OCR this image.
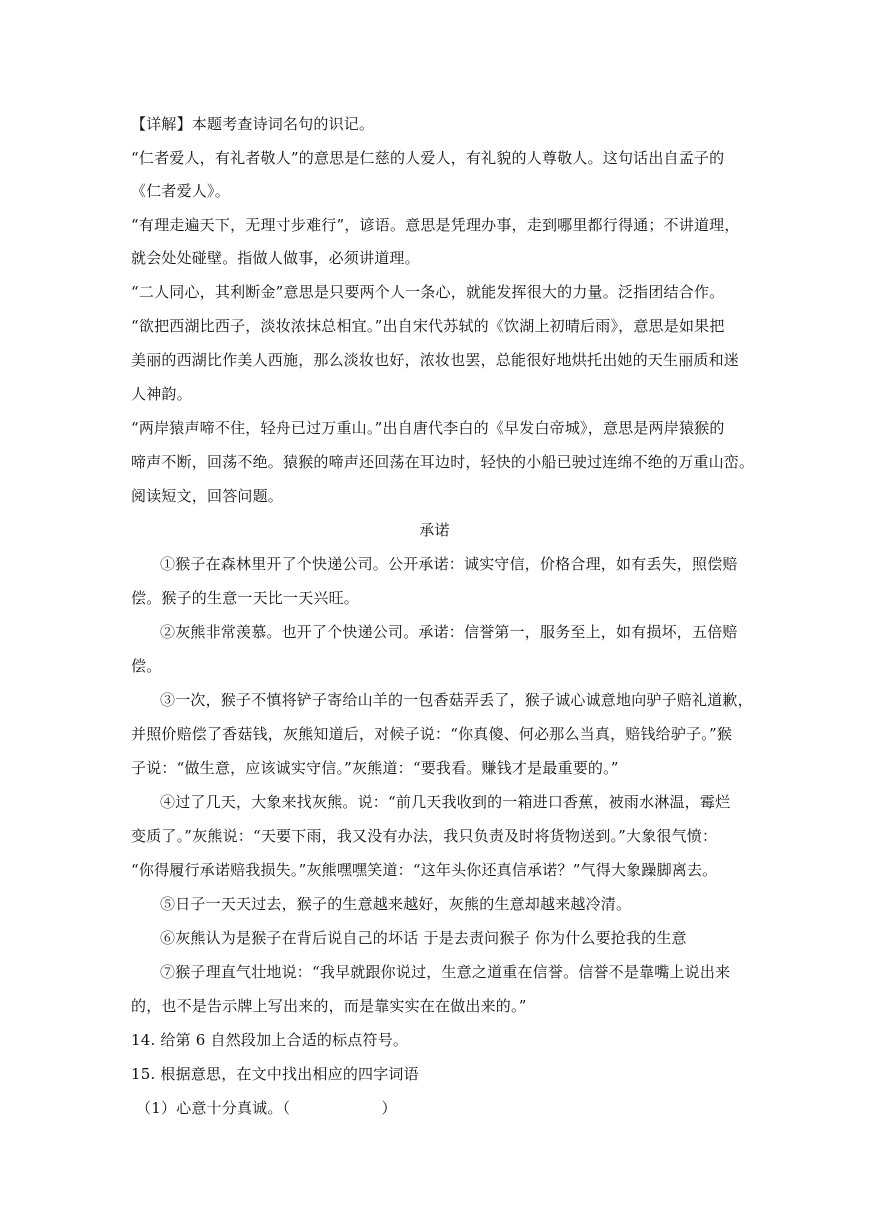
【详解】本题考查诗词名句的识记。
“仁者爱人，有礼者敬人”的意思是仁慈的人爱人，有礼貌的人尊敬人。这句话出自孟子的
《仁者爱人》。
“有理走遍天下，无理寸步难行”，谚语。意思是凭理办事，走到哪里都行得通；不讲道理，
就会处处碰壁。指做人做事，必须讲道理。
“二人同心，其利断金”意思是只要两个人一条心，就能发挥很大的力量。泛指团结合作。
“欲把西湖比西子，淡妆浓抹总相宜。”出自宋代苏轼的《饮湖上初晴后雨》，意思是如果把
美丽的西湖比作美人西施，那么淡妆也好，浓妆也罢，总能很好地烘托出她的天生丽质和迷
人神韵。
“两岸猿声啼不住，轻舟已过万重山。”出自唐代李白的《早发白帝城》，意思是两岸猿猴的
啼声不断，回荡不绝。猿猴的啼声还回荡在耳边时，轻快的小船已驶过连绵不绝的万重山峦。
阅读短文，回答问题。
承诺
①猴子在森林里开了个快递公司。公开承诺：诚实守信，价格合理，如有丢失，照偿赔
偿。猴子的生意一天比一天兴旺。
②灰熊非常羡慕。也开了个快递公司。承诺：信誉第一，服务至上，如有损坏，五倍赔
偿。
③一次，猴子不慎将铲子寄给山羊的一包香菇弄丢了，猴子诚心诚意地向驴子赔礼道歉，
并照价赔偿了香菇钱，灰熊知道后，对候子说：“你真傻、何必那么当真，赔钱给驴子。”猴
子说：“做生意，应该诚实守信。”灰熊道：“要我看。赚钱才是最重要的。”
④过了几天，大象来找灰熊。说：“前几天我收到的一箱进口香蕉，被雨水淋温，霉烂
变质了。”灰熊说：“天要下雨，我又没有办法，我只负责及时将货物送到。”大象很气愤：
“你得履行承诺赔我损失。”灰熊嘿嘿笑道：“这年头你还真信承诺？”气得大象躁脚离去。
⑤日子一天天过去，猴子的生意越来越好，灰熊的生意却越来越冷清。
⑥灰熊认为是猴子在背后说自己的坏话 于是去责问猴子 你为什么要抢我的生意
⑦猴子理直气壮地说：“我早就跟你说过，生意之道重在信誉。信誉不是靠嘴上说出来
的，也不是告示牌上写出来的，而是靠实实在在做出来的。”
14. 给第 6 自然段加上合适的标点符号。
15. 根据意思，在文中找出相应的四字词语
（1）心意十分真诚。（　　　　　　）
